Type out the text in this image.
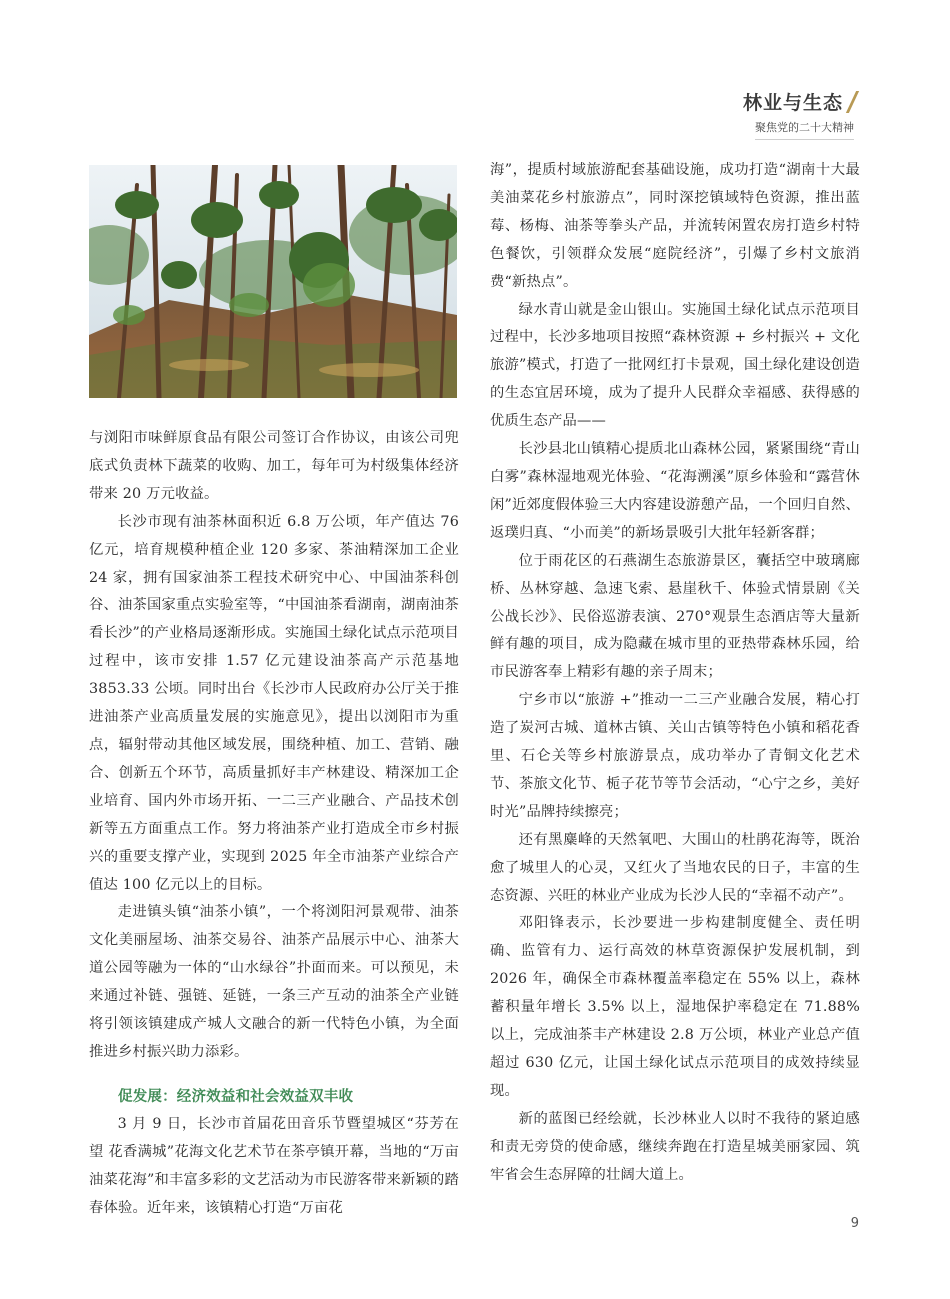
林业与生态
聚焦党的二十大精神

与浏阳市味鲜原食品有限公司签订合作协议，由该公司兜底式负责林下蔬菜的收购、加工，每年可为村级集体经济带来 20 万元收益。

长沙市现有油茶林面积近 6.8 万公顷，年产值达 76 亿元，培育规模种植企业 120 多家、茶油精深加工企业 24 家，拥有国家油茶工程技术研究中心、中国油茶科创谷、油茶国家重点实验室等，“中国油茶看湖南，湖南油茶看长沙”的产业格局逐渐形成。实施国土绿化试点示范项目过程中，该市安排 1.57 亿元建设油茶高产示范基地 3853.33 公顷。同时出台《长沙市人民政府办公厅关于推进油茶产业高质量发展的实施意见》，提出以浏阳市为重点，辐射带动其他区域发展，围绕种植、加工、营销、融合、创新五个环节，高质量抓好丰产林建设、精深加工企业培育、国内外市场开拓、一二三产业融合、产品技术创新等五方面重点工作。努力将油茶产业打造成全市乡村振兴的重要支撑产业，实现到 2025 年全市油茶产业综合产值达 100 亿元以上的目标。

走进镇头镇“油茶小镇”，一个将浏阳河景观带、油茶文化美丽屋场、油茶交易谷、油茶产品展示中心、油茶大道公园等融为一体的“山水绿谷”扑面而来。可以预见，未来通过补链、强链、延链，一条三产互动的油茶全产业链将引领该镇建成产城人文融合的新一代特色小镇，为全面推进乡村振兴助力添彩。

促发展：经济效益和社会效益双丰收

3 月 9 日，长沙市首届花田音乐节暨望城区“芬芳在望 花香满城”花海文化艺术节在茶亭镇开幕，当地的“万亩油菜花海”和丰富多彩的文艺活动为市民游客带来新颖的踏春体验。近年来，该镇精心打造“万亩花

海”，提质村域旅游配套基础设施，成功打造“湖南十大最美油菜花乡村旅游点”，同时深挖镇域特色资源，推出蓝莓、杨梅、油茶等拳头产品，并流转闲置农房打造乡村特色餐饮，引领群众发展“庭院经济”，引爆了乡村文旅消费“新热点”。

绿水青山就是金山银山。实施国土绿化试点示范项目过程中，长沙多地项目按照“森林资源 + 乡村振兴 + 文化旅游”模式，打造了一批网红打卡景观，国土绿化建设创造的生态宜居环境，成为了提升人民群众幸福感、获得感的优质生态产品——

长沙县北山镇精心提质北山森林公园，紧紧围绕“青山白雾”森林湿地观光体验、“花海溯溪”原乡体验和“露营休闲”近郊度假体验三大内容建设游憩产品，一个回归自然、返璞归真、“小而美”的新场景吸引大批年轻新客群；

位于雨花区的石燕湖生态旅游景区，囊括空中玻璃廊桥、丛林穿越、急速飞索、悬崖秋千、体验式情景剧《关公战长沙》、民俗巡游表演、270°观景生态酒店等大量新鲜有趣的项目，成为隐藏在城市里的亚热带森林乐园，给市民游客奉上精彩有趣的亲子周末；

宁乡市以“旅游 +”推动一二三产业融合发展，精心打造了炭河古城、道林古镇、关山古镇等特色小镇和稻花香里、石仑关等乡村旅游景点，成功举办了青铜文化艺术节、茶旅文化节、栀子花节等节会活动，“心宁之乡，美好时光”品牌持续擦亮；

还有黑麋峰的天然氧吧、大围山的杜鹃花海等，既治愈了城里人的心灵，又红火了当地农民的日子，丰富的生态资源、兴旺的林业产业成为长沙人民的“幸福不动产”。

邓阳锋表示，长沙要进一步构建制度健全、责任明确、监管有力、运行高效的林草资源保护发展机制，到 2026 年，确保全市森林覆盖率稳定在 55% 以上，森林蓄积量年增长 3.5% 以上，湿地保护率稳定在 71.88% 以上，完成油茶丰产林建设 2.8 万公顷，林业产业总产值超过 630 亿元，让国土绿化试点示范项目的成效持续显现。

新的蓝图已经绘就，长沙林业人以时不我待的紧迫感和责无旁贷的使命感，继续奔跑在打造星城美丽家园、筑牢省会生态屏障的壮阔大道上。

9
